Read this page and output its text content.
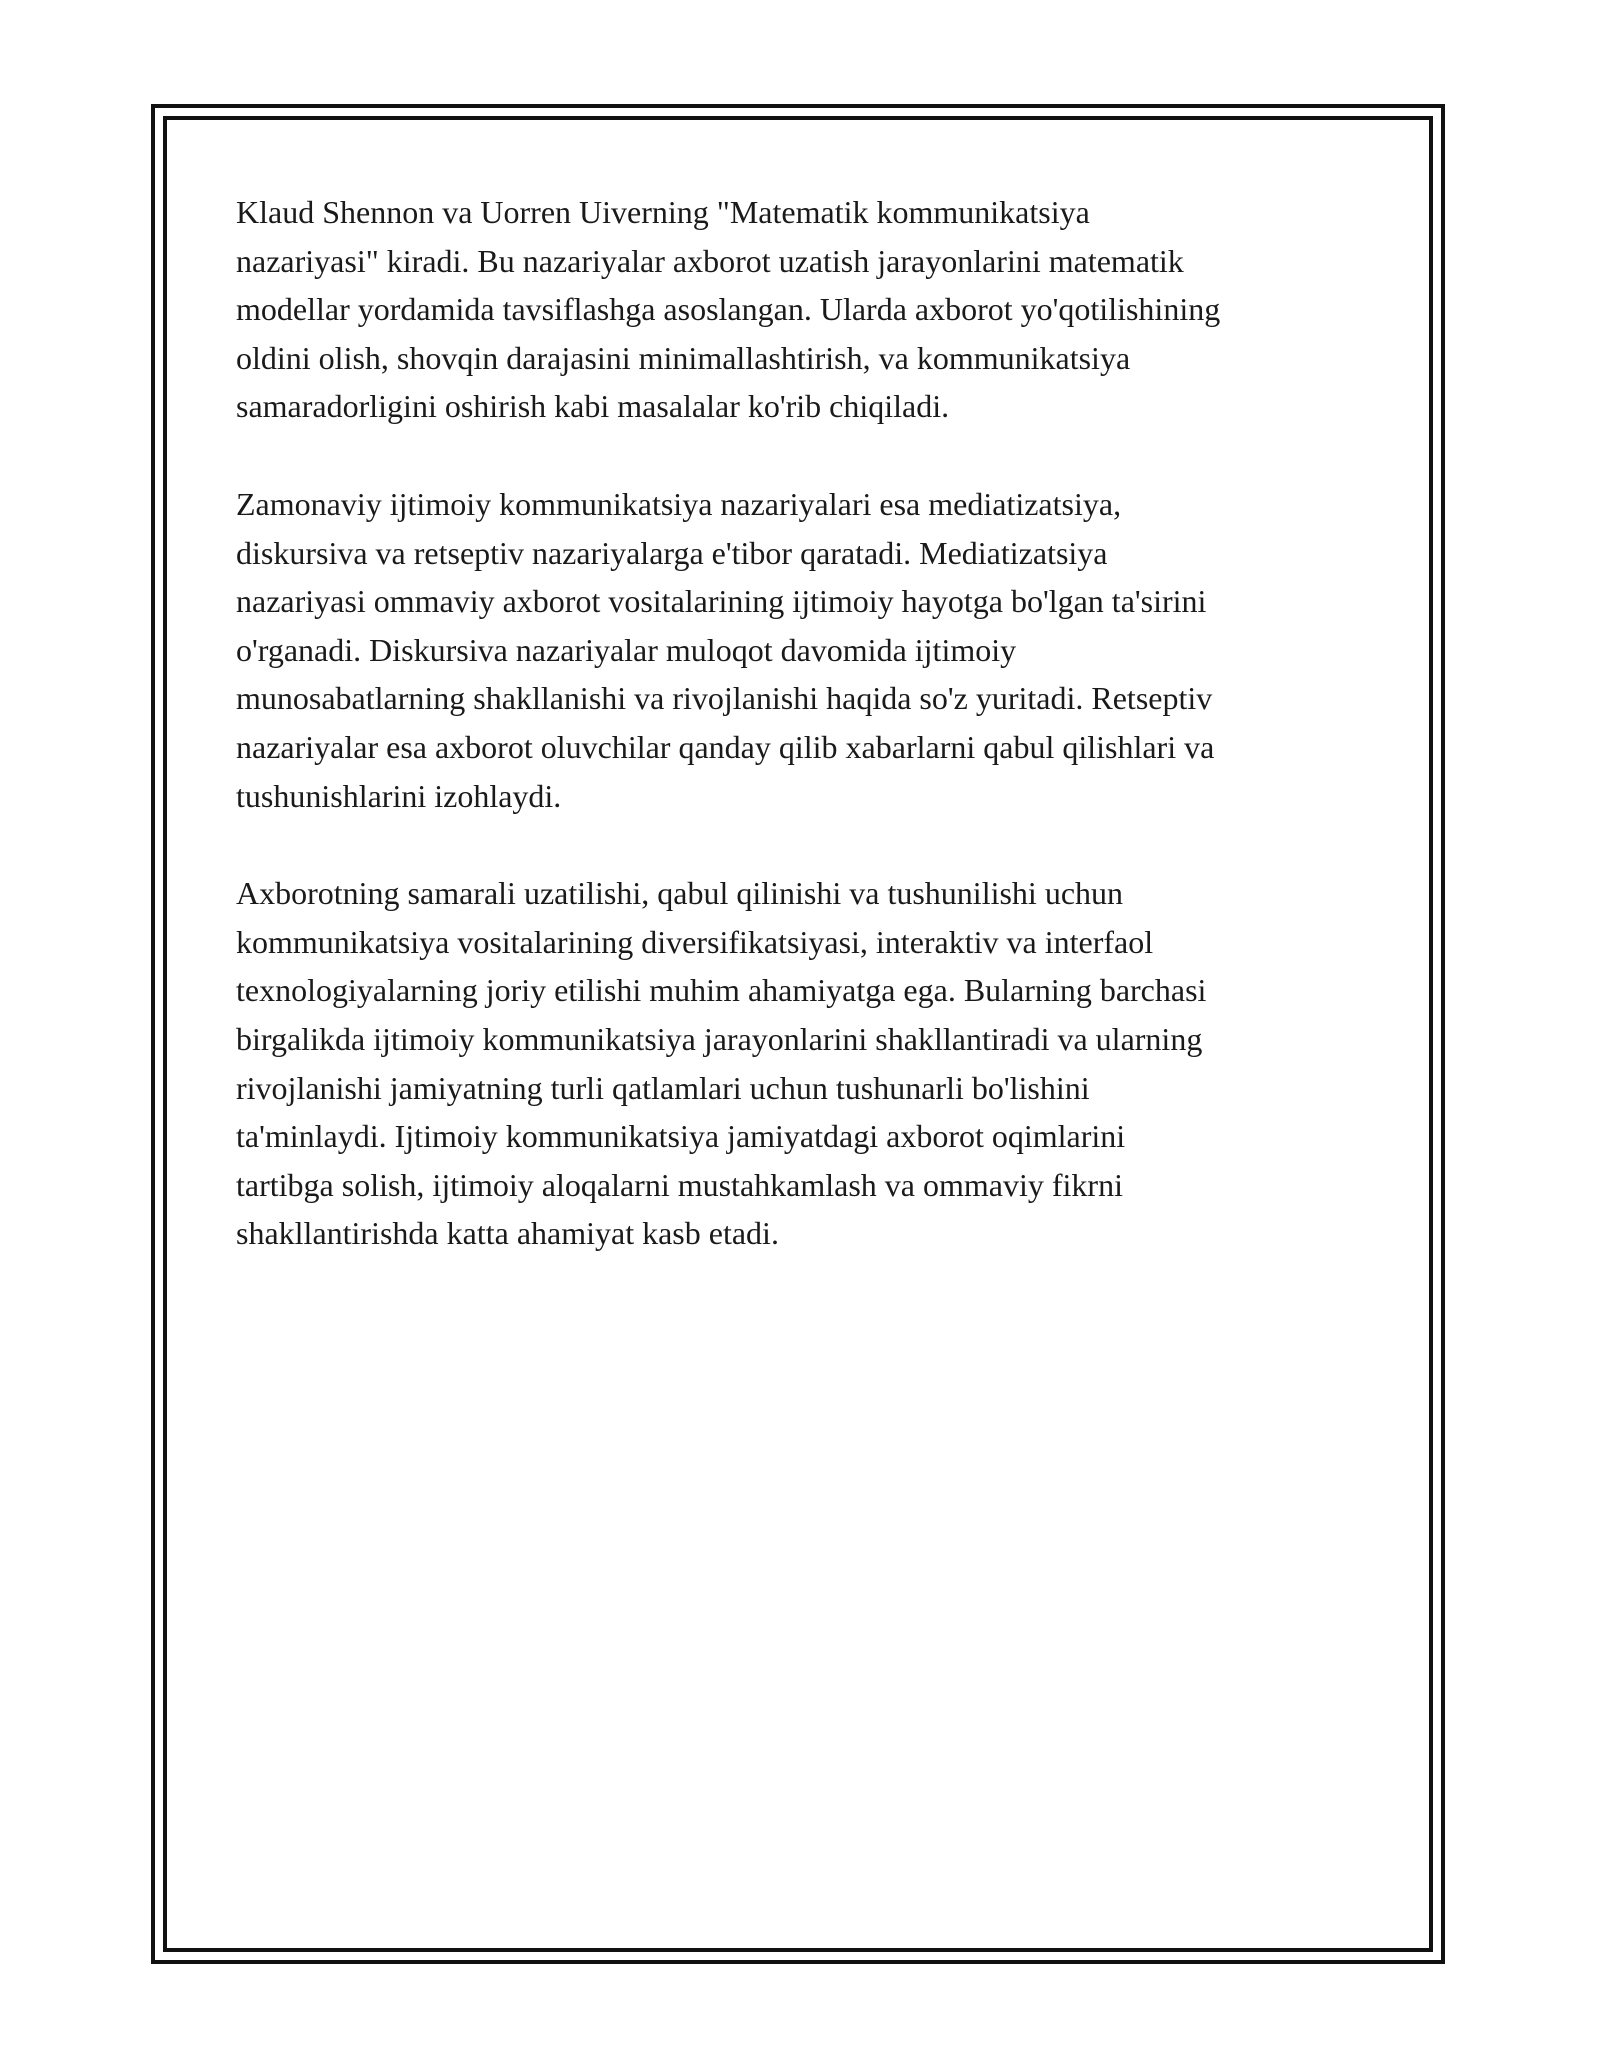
Klaud Shennon va Uorren Uiverning "Matematik kommunikatsiya
nazariyasi" kiradi. Bu nazariyalar axborot uzatish jarayonlarini matematik
modellar yordamida tavsiflashga asoslangan. Ularda axborot yo'qotilishining
oldini olish, shovqin darajasini minimallashtirish, va kommunikatsiya
samaradorligini oshirish kabi masalalar ko'rib chiqiladi.

Zamonaviy ijtimoiy kommunikatsiya nazariyalari esa mediatizatsiya,
diskursiva va retseptiv nazariyalarga e'tibor qaratadi. Mediatizatsiya
nazariyasi ommaviy axborot vositalarining ijtimoiy hayotga bo'lgan ta'sirini
o'rganadi. Diskursiva nazariyalar muloqot davomida ijtimoiy
munosabatlarning shakllanishi va rivojlanishi haqida so'z yuritadi. Retseptiv
nazariyalar esa axborot oluvchilar qanday qilib xabarlarni qabul qilishlari va
tushunishlarini izohlaydi.

Axborotning samarali uzatilishi, qabul qilinishi va tushunilishi uchun
kommunikatsiya vositalarining diversifikatsiyasi, interaktiv va interfaol
texnologiyalarning joriy etilishi muhim ahamiyatga ega. Bularning barchasi
birgalikda ijtimoiy kommunikatsiya jarayonlarini shakllantiradi va ularning
rivojlanishi jamiyatning turli qatlamlari uchun tushunarli bo'lishini
ta'minlaydi. Ijtimoiy kommunikatsiya jamiyatdagi axborot oqimlarini
tartibga solish, ijtimoiy aloqalarni mustahkamlash va ommaviy fikrni
shakllantirishda katta ahamiyat kasb etadi.
